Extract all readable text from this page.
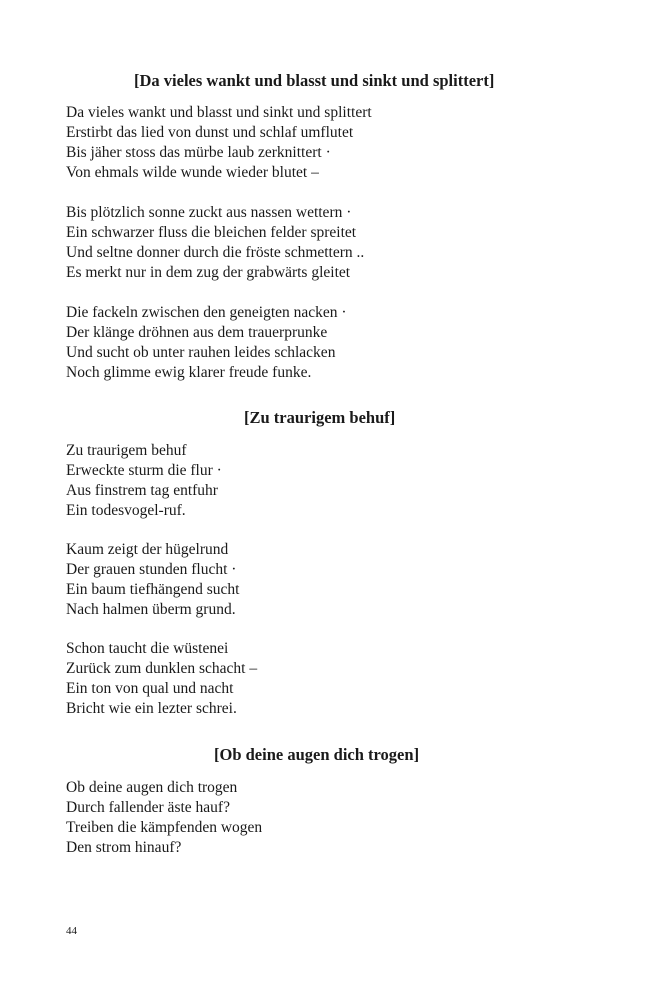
[Da vieles wankt und blasst und sinkt und splittert]
Da vieles wankt und blasst und sinkt und splittert
Erstirbt das lied von dunst und schlaf umflutet
Bis jäher stoss das mürbe laub zerknittert ·
Von ehmals wilde wunde wieder blutet –
Bis plötzlich sonne zuckt aus nassen wettern ·
Ein schwarzer fluss die bleichen felder spreitet
Und seltne donner durch die fröste schmettern ..
Es merkt nur in dem zug der grabwärts gleitet
Die fackeln zwischen den geneigten nacken ·
Der klänge dröhnen aus dem trauerprunke
Und sucht ob unter rauhen leides schlacken
Noch glimme ewig klarer freude funke.
[Zu traurigem behuf]
Zu traurigem behuf
Erweckte sturm die flur ·
Aus finstrem tag entfuhr
Ein todesvogel-ruf.
Kaum zeigt der hügelrund
Der grauen stunden flucht ·
Ein baum tiefhängend sucht
Nach halmen überm grund.
Schon taucht die wüstenei
Zurück zum dunklen schacht –
Ein ton von qual und nacht
Bricht wie ein lezter schrei.
[Ob deine augen dich trogen]
Ob deine augen dich trogen
Durch fallender äste hauf?
Treiben die kämpfenden wogen
Den strom hinauf?
44
